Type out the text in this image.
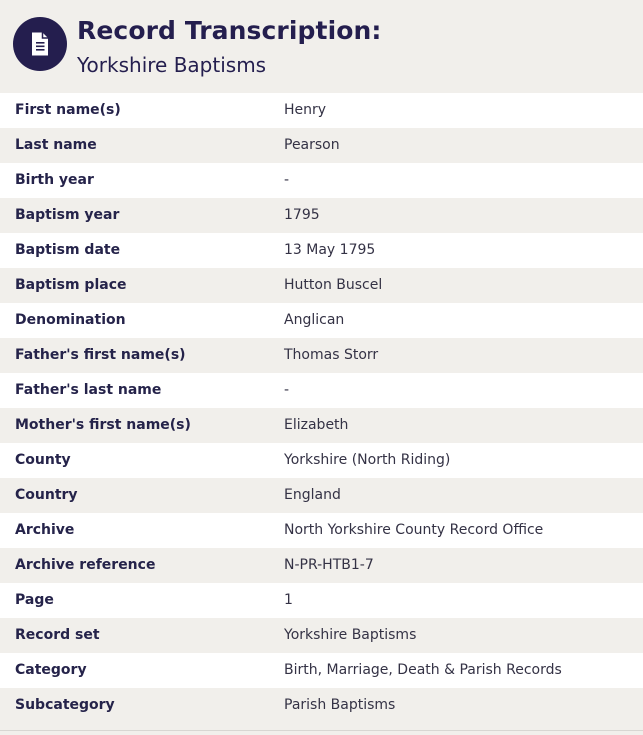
Record Transcription:
Yorkshire Baptisms
First name(s)	Henry
Last name	Pearson
Birth year	-
Baptism year	1795
Baptism date	13 May 1795
Baptism place	Hutton Buscel
Denomination	Anglican
Father's first name(s)	Thomas Storr
Father's last name	-
Mother's first name(s)	Elizabeth
County	Yorkshire (North Riding)
Country	England
Archive	North Yorkshire County Record Office
Archive reference	N-PR-HTB1-7
Page	1
Record set	Yorkshire Baptisms
Category	Birth, Marriage, Death & Parish Records
Subcategory	Parish Baptisms
